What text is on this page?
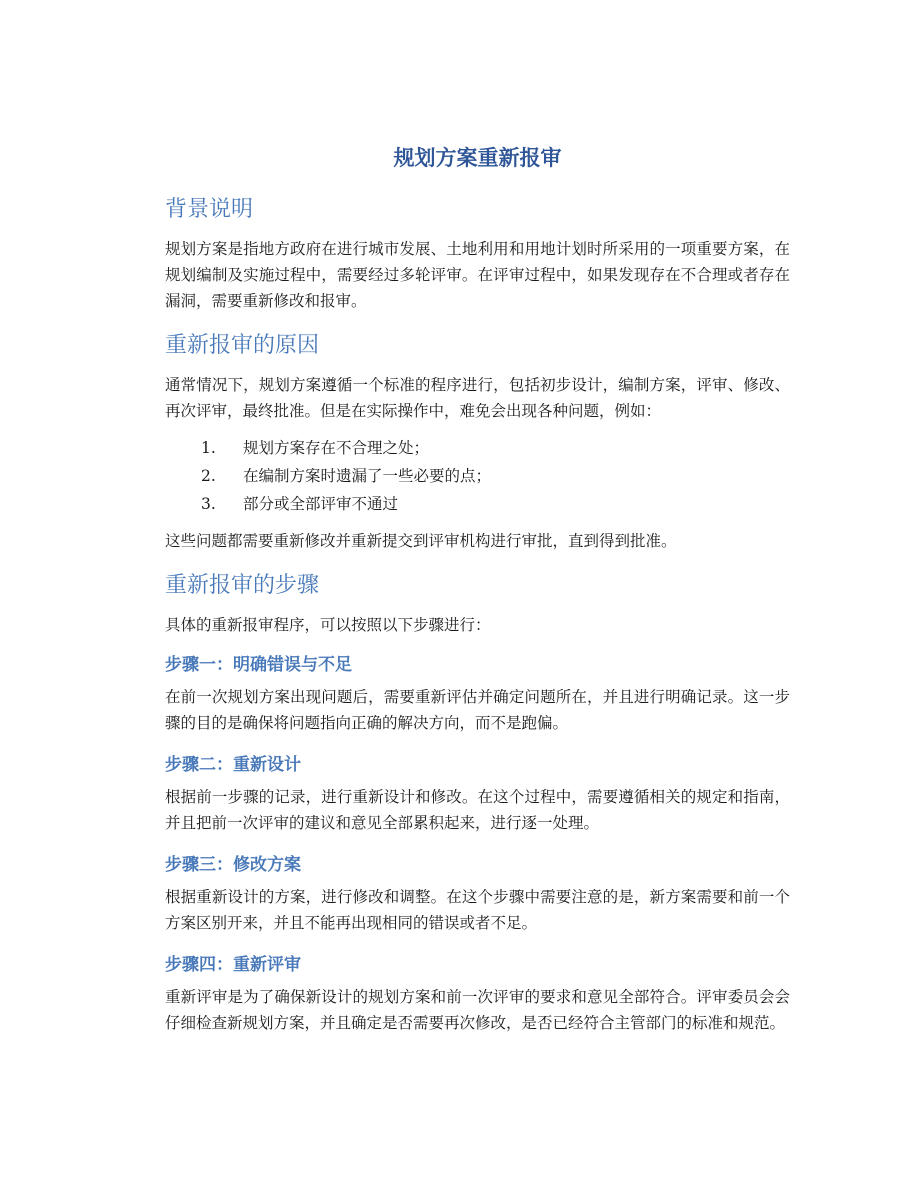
规划方案重新报审
背景说明

规划方案是指地方政府在进行城市发展、土地利用和用地计划时所采用的一项重要方案，在规划编制及实施过程中，需要经过多轮评审。在评审过程中，如果发现存在不合理或者存在漏洞，需要重新修改和报审。

重新报审的原因

通常情况下，规划方案遵循一个标准的程序进行，包括初步设计，编制方案，评审、修改、再次评审，最终批准。但是在实际操作中，难免会出现各种问题，例如：

1.	规划方案存在不合理之处；
2.	在编制方案时遗漏了一些必要的点；
3.	部分或全部评审不通过

这些问题都需要重新修改并重新提交到评审机构进行审批，直到得到批准。

重新报审的步骤

具体的重新报审程序，可以按照以下步骤进行：

步骤一：明确错误与不足

在前一次规划方案出现问题后，需要重新评估并确定问题所在，并且进行明确记录。这一步骤的目的是确保将问题指向正确的解决方向，而不是跑偏。

步骤二：重新设计

根据前一步骤的记录，进行重新设计和修改。在这个过程中，需要遵循相关的规定和指南，并且把前一次评审的建议和意见全部累积起来，进行逐一处理。

步骤三：修改方案

根据重新设计的方案，进行修改和调整。在这个步骤中需要注意的是，新方案需要和前一个方案区别开来，并且不能再出现相同的错误或者不足。

步骤四：重新评审

重新评审是为了确保新设计的规划方案和前一次评审的要求和意见全部符合。评审委员会会仔细检查新规划方案，并且确定是否需要再次修改，是否已经符合主管部门的标准和规范。
